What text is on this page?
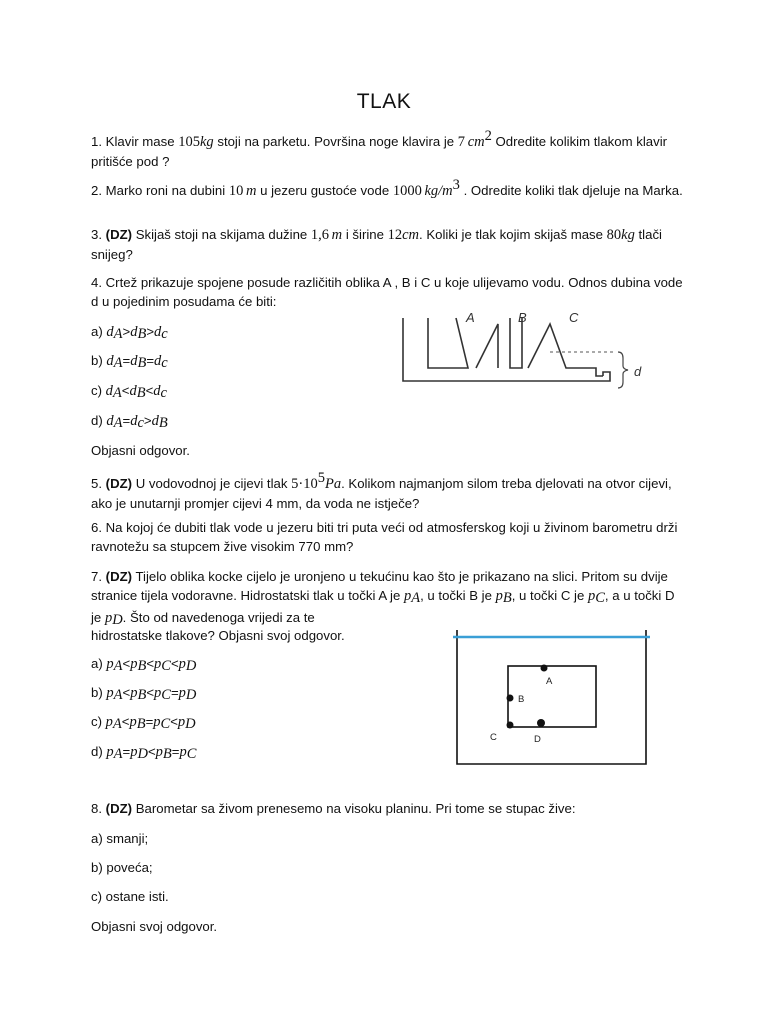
TLAK
1. Klavir mase 105kg stoji na parketu. Površina noge klavira je 7  $cm^2$ Odredite kolikim tlakom klavir pritišće pod ?
2. Marko roni na dubini 10  m u jezeru gustoće vode 1000  $kg/m^3$ . Odredite koliki tlak djeluje na Marka.
3. (DZ) Skijaš stoji na skijama dužine 1,6  m i širine 12cm. Koliki je tlak kojim skijaš mase 80kg tlači snijeg?
4. Crtež prikazuje spojene posude različitih oblika A , B i C u koje ulijevamo vodu. Odnos dubina vode d u pojedinim posudama će biti:
a) $d_A>d_B>d_c$
b) $d_A=d_B=d_c$
c) $d_A<d_B<d_c$
d) $d_A=d_c>d_B$
Objasni odgovor.
A	B	C
d
5. (DZ) U vodovodnoj je cijevi tlak $5\cdot 10^5Pa$. Kolikom najmanjom silom treba djelovati na otvor cijevi, ako je unutarnji promjer cijevi 4 mm, da voda ne istječe?
6. Na kojoj će dubiti tlak vode u jezeru biti tri puta veći od atmosferskog koji u živinom barometru drži ravnotežu sa stupcem žive visokim 770 mm?
7. (DZ) Tijelo oblika kocke cijelo je uronjeno u tekućinu kao što je prikazano na slici. Pritom su dvije stranice tijela vodoravne. Hidrostatski tlak u točki A je $p_A$, u točki B je $p_B$, u točki C je $p_C$, a u točki D je $p_D$. Što od navedenoga vrijedi za te
hidrostatske tlakove? Objasni svoj odgovor.
a) $p_A<p_B<p_C<p_D$
b) $p_A<p_B<p_C=p_D$
c) $p_A<p_B=p_C<p_D$
d) $p_A=p_D<p_B=p_C$
A
B
C	D
8. (DZ) Barometar sa živom prenesemo na visoku planinu. Pri tome se stupac žive:
a) smanji;
b) poveća;
c) ostane isti.
Objasni svoj odgovor.
